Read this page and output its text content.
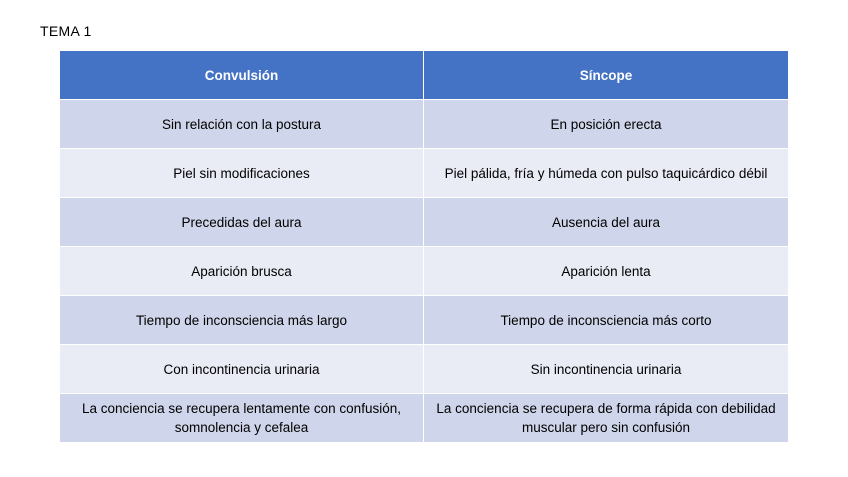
TEMA 1
Convulsión	Síncope
Sin relación con la postura	En posición erecta
Piel sin modificaciones	Piel pálida, fría y húmeda con pulso taquicárdico débil
Precedidas del aura	Ausencia del aura
Aparición brusca	Aparición lenta
Tiempo de inconsciencia más largo	Tiempo de inconsciencia más corto
Con incontinencia urinaria	Sin incontinencia urinaria
La conciencia se recupera lentamente con confusión, somnolencia y cefalea	La conciencia se recupera de forma rápida con debilidad muscular pero sin confusión
